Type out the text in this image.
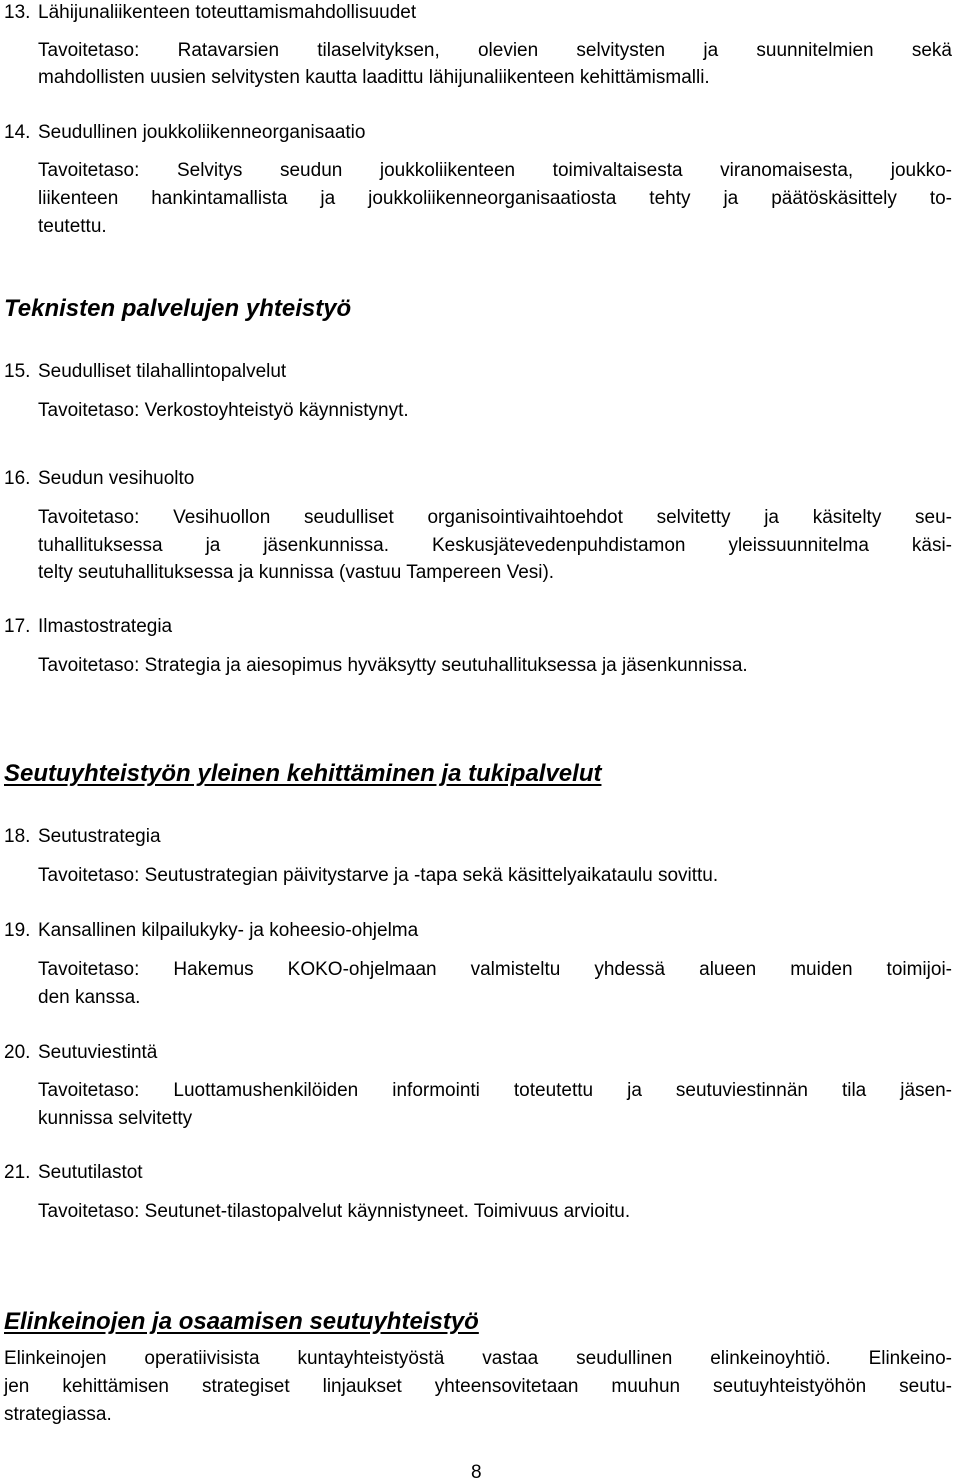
13. Lähijunaliikenteen toteuttamismahdollisuudet
Tavoitetaso: Ratavarsien tilaselvityksen, olevien selvitysten ja suunnitelmien sekä
mahdollisten uusien selvitysten kautta laadittu lähijunaliikenteen kehittämismalli.
14. Seudullinen joukkoliikenneorganisaatio
Tavoitetaso: Selvitys seudun joukkoliikenteen toimivaltaisesta viranomaisesta, joukko-
liikenteen hankintamallista ja joukkoliikenneorganisaatiosta tehty ja päätöskäsittely to-
teutettu.
Teknisten palvelujen yhteistyö
15. Seudulliset tilahallintopalvelut
Tavoitetaso: Verkostoyhteistyö käynnistynyt.
16. Seudun vesihuolto
Tavoitetaso: Vesihuollon seudulliset organisointivaihtoehdot selvitetty ja käsitelty seu-
tuhallituksessa ja jäsenkunnissa. Keskusjätevedenpuhdistamon yleissuunnitelma käsi-
telty seutuhallituksessa ja kunnissa (vastuu Tampereen Vesi).
17. Ilmastostrategia
Tavoitetaso: Strategia ja aiesopimus hyväksytty seutuhallituksessa ja jäsenkunnissa.
Seutuyhteistyön yleinen kehittäminen ja tukipalvelut
18. Seutustrategia
Tavoitetaso: Seutustrategian päivitystarve ja -tapa sekä käsittelyaikataulu sovittu.
19. Kansallinen kilpailukyky- ja koheesio-ohjelma
Tavoitetaso: Hakemus KOKO-ohjelmaan valmisteltu yhdessä alueen muiden toimijoi-
den kanssa.
20. Seutuviestintä
Tavoitetaso: Luottamushenkilöiden informointi toteutettu ja seutuviestinnän tila jäsen-
kunnissa selvitetty
21. Seututilastot
Tavoitetaso: Seutunet-tilastopalvelut käynnistyneet. Toimivuus arvioitu.
Elinkeinojen ja osaamisen seutuyhteistyö
Elinkeinojen operatiivisista kuntayhteistyöstä vastaa seudullinen elinkeinoyhtiö. Elinkeino-
jen kehittämisen strategiset linjaukset yhteensovitetaan muuhun seutuyhteistyöhön seutu-
strategiassa.
8
